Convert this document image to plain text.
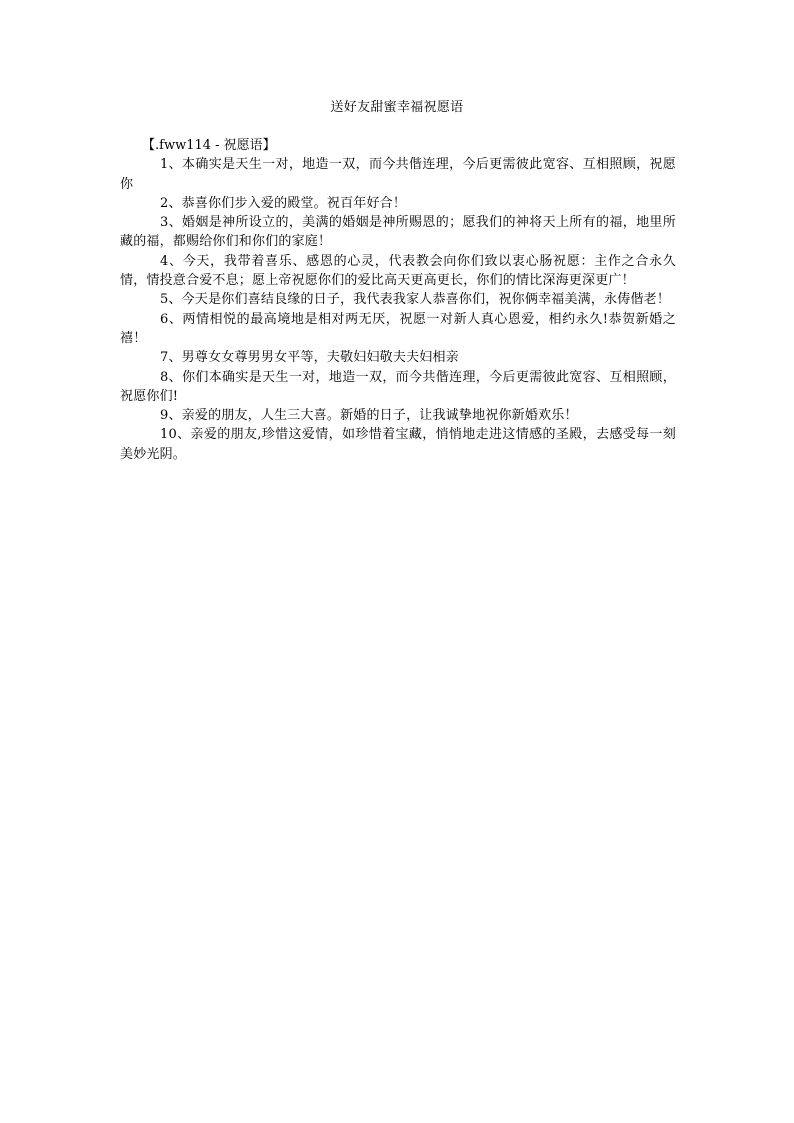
送好友甜蜜幸福祝愿语

【.fww114 - 祝愿语】

1、本确实是天生一对，地造一双，而今共偕连理，今后更需彼此宽容、互相照顾，祝愿你

2、恭喜你们步入爱的殿堂。祝百年好合！

3、婚姻是神所设立的，美满的婚姻是神所赐恩的；愿我们的神将天上所有的福，地里所藏的福，都赐给你们和你们的家庭！

4、今天，我带着喜乐、感恩的心灵，代表教会向你们致以衷心肠祝愿：主作之合永久情，情投意合爱不息；愿上帝祝愿你们的爱比高天更高更长，你们的情比深海更深更广！

5、今天是你们喜结良缘的日子，我代表我家人恭喜你们，祝你俩幸福美满，永俦偕老！

6、两情相悦的最高境地是相对两无厌，祝愿一对新人真心恩爱，相约永久!恭贺新婚之禧！

7、男尊女女尊男男女平等，夫敬妇妇敬夫夫妇相亲

8、你们本确实是天生一对，地造一双，而今共偕连理，今后更需彼此宽容、互相照顾，祝愿你们!

9、亲爱的朋友，人生三大喜。新婚的日子，让我诚挚地祝你新婚欢乐！

10、亲爱的朋友,珍惜这爱情，如珍惜着宝藏，悄悄地走进这情感的圣殿，去感受每一刻美妙光阴。
